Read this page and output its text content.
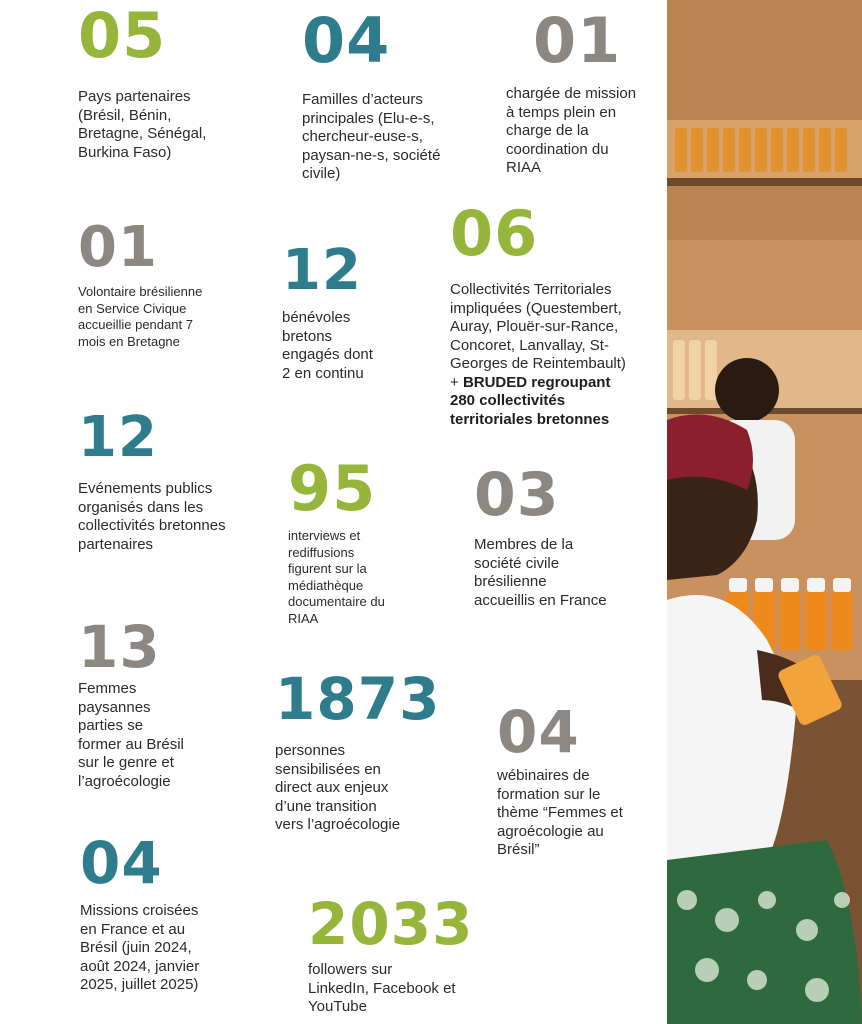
05

Pays partenaires
(Brésil, Bénin,
Bretagne, Sénégal,
Burkina Faso)

04

Familles d’acteurs
principales (Elu-e-s,
chercheur-euse-s,
paysan-ne-s, société
civile)

01

chargée de mission
à temps plein en
charge de la
coordination du
RIAA

01

Volontaire brésilienne
en Service Civique
accueillie pendant 7
mois en Bretagne

12

bénévoles
bretons
engagés dont
2 en continu

06

Collectivités Territoriales
impliquées (Questembert,
Auray, Plouër-sur-Rance,
Concoret, Lanvallay, St-
Georges de Reintembault)
+ BRUDED regroupant
280 collectivités
territoriales bretonnes

12

Evénements publics
organisés dans les
collectivités bretonnes
partenaires

95

interviews et
rediffusions
figurent sur la
médiathèque
documentaire du
RIAA

03

Membres de la
société civile
brésilienne
accueillis en France

13

Femmes
paysannes
parties se
former au Brésil
sur le genre et
l’agroécologie

1873

personnes
sensibilisées en
direct aux enjeux
d’une transition
vers l’agroécologie

04

wébinaires de
formation sur le
thème “Femmes et
agroécologie au
Brésil”

04

Missions croisées
en France et au
Brésil (juin 2024,
août 2024, janvier
2025, juillet 2025)

2033

followers sur
LinkedIn, Facebook et
YouTube
